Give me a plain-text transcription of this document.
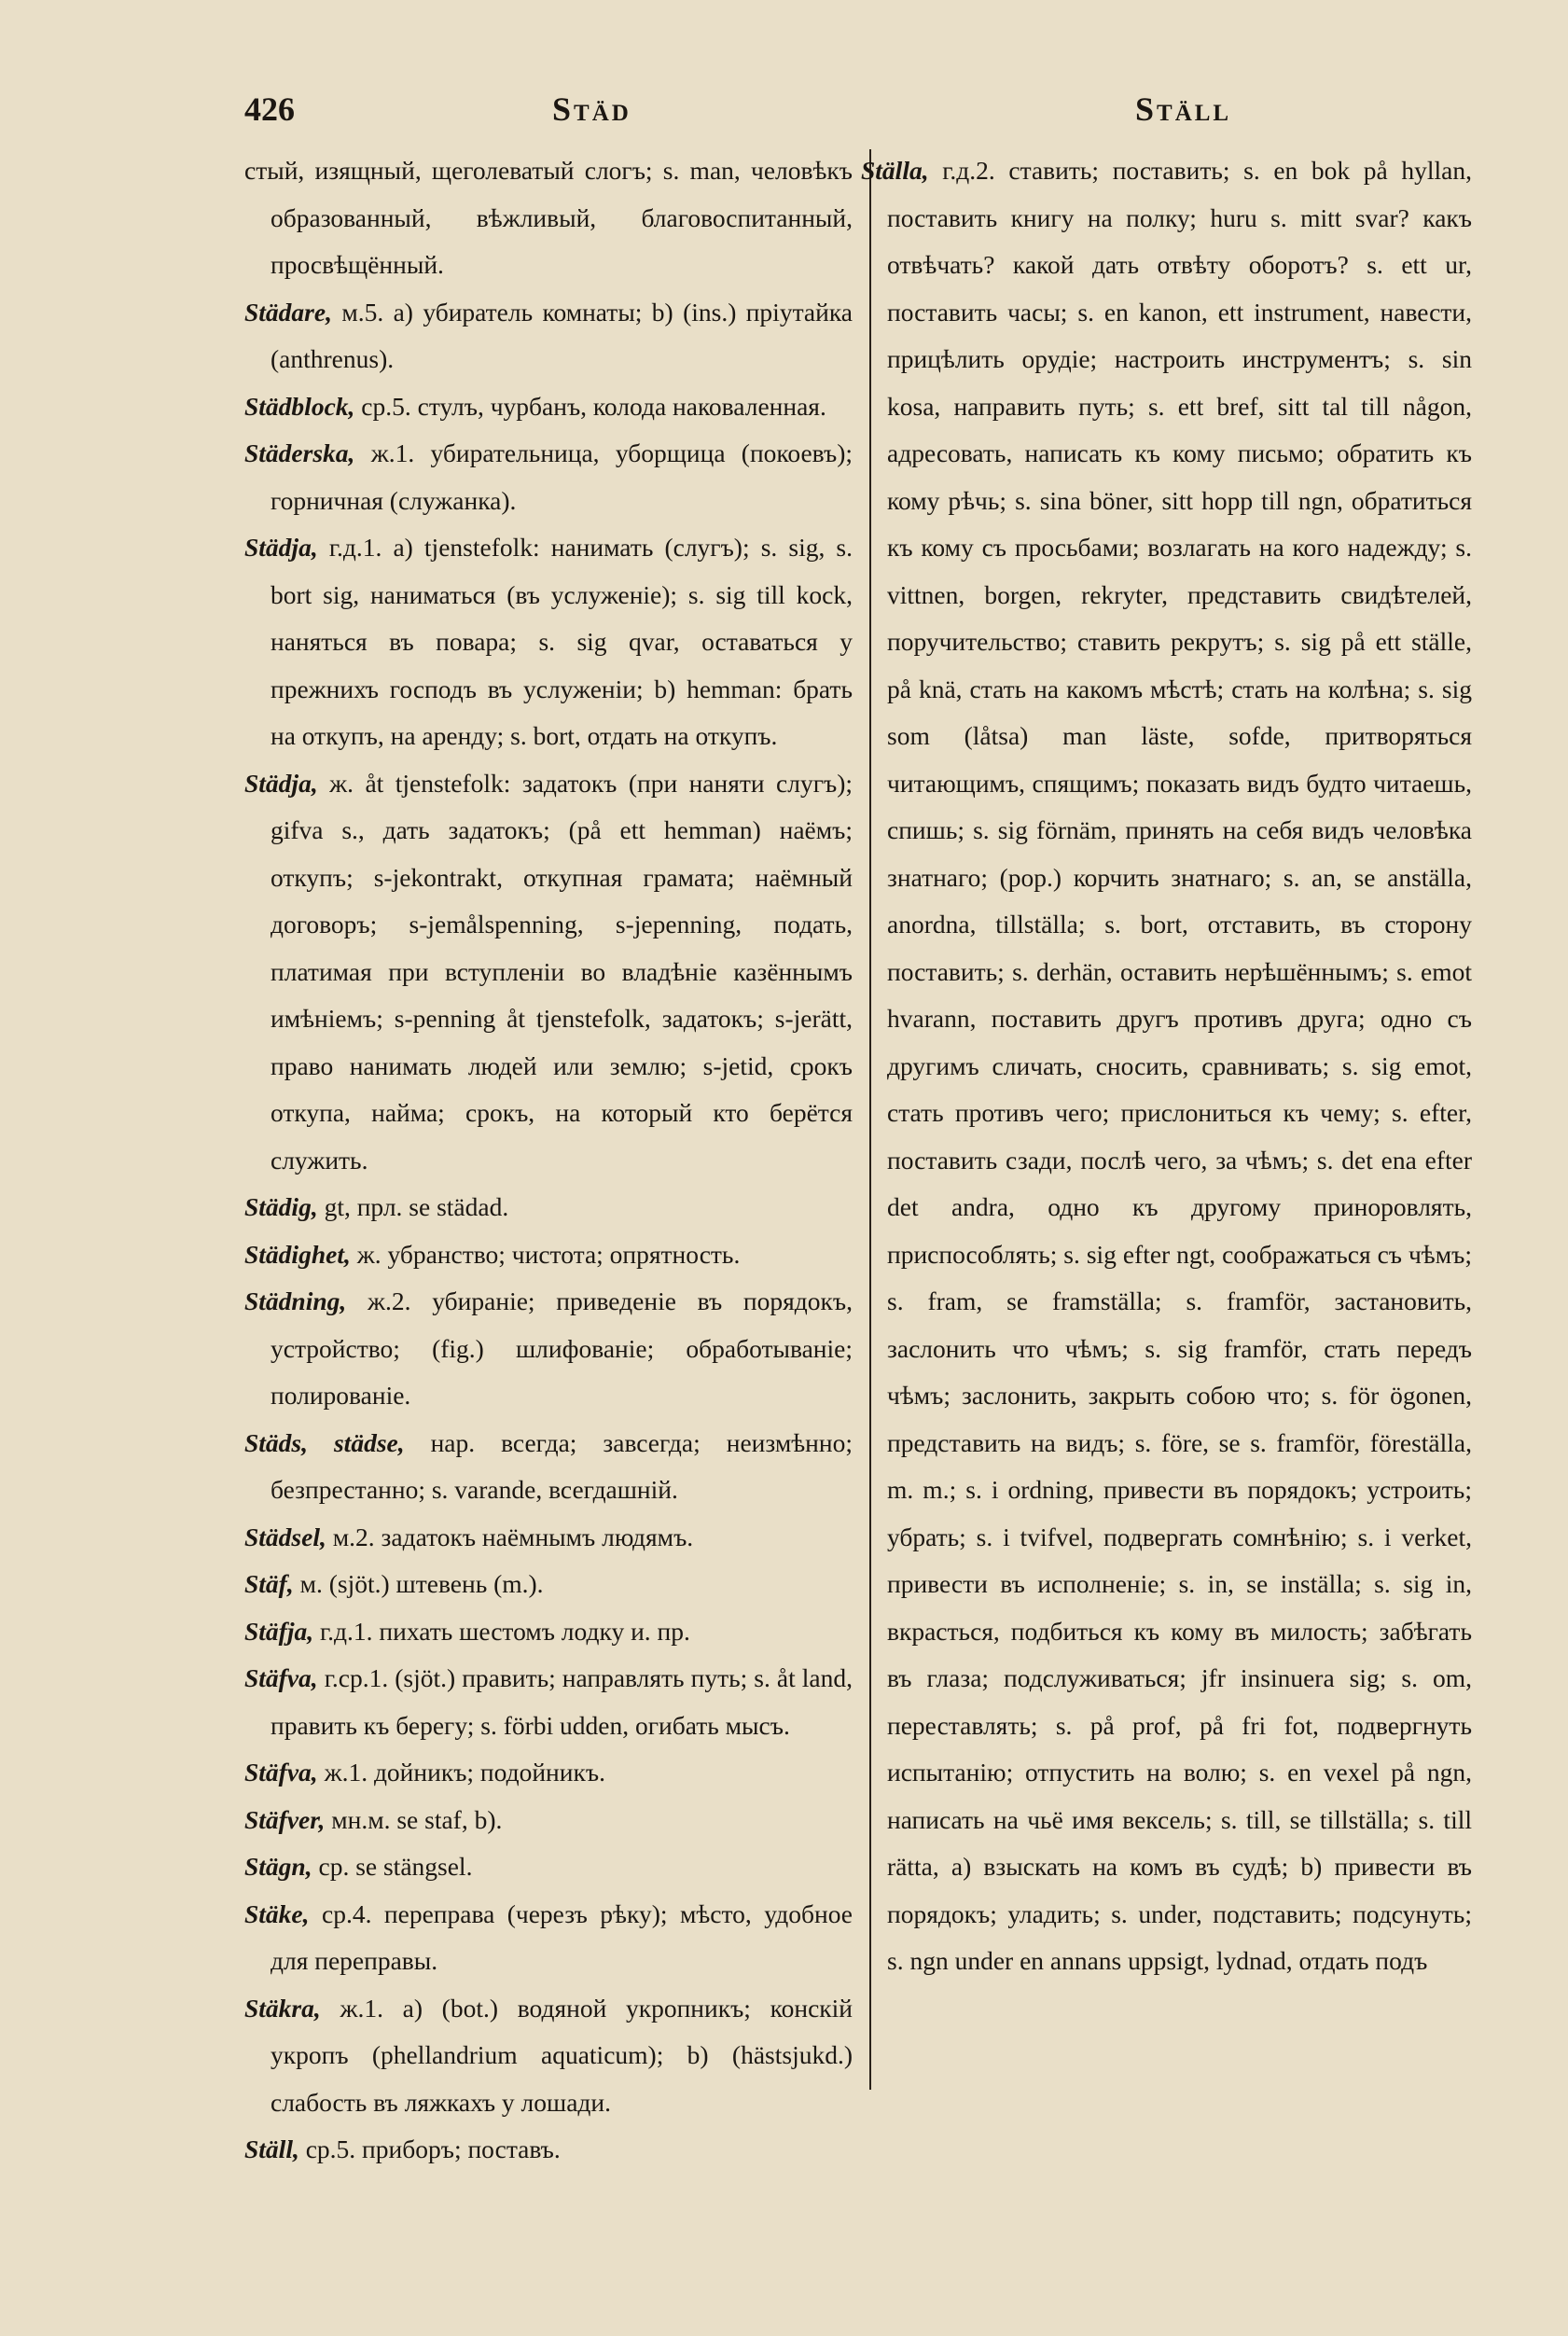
426	Städ	Ställ

стый, изящный, щеголеватый слогъ; s. man, человѣкъ образованный, вѣжливый, благовоспитанный, просвѣщённый.

Städare, м.5. a) убиратель комнаты; b) (ins.) пріутайка (anthrenus).

Städblock, ср.5. стулъ, чурбанъ, колода наковаленная.

Städerska, ж.1. убирательница, уборщица (покоевъ); горничная (служанка).

Städja, г.д.1. a) tjenstefolk: нанимать (слугъ); s. sig, s. bort sig, наниматься (въ услуженіе); s. sig till kock, наняться въ повара; s. sig qvar, оставаться у прежнихъ господъ въ услуженіи; b) hemman: брать на откупъ, на аренду; s. bort, отдать на откупъ.

Städja, ж. åt tjenstefolk: задатокъ (при наняти слугъ); gifva s., дать задатокъ; (på ett hemman) наёмъ; откупъ; s-jekontrakt, откупная грамата; наёмный договоръ; s-jemålspenning, s-jepenning, подать, платимая при вступленіи во владѣніе казённымъ имѣніемъ; s-penning åt tjenstefolk, задатокъ; s-jerätt, право нанимать людей или землю; s-jetid, срокъ откупа, найма; срокъ, на который кто берётся служить.

Städig, gt, прл. se städad.

Städighet, ж. убранство; чистота; опрятность.

Städning, ж.2. убираніе; приведеніе въ порядокъ, устройство; (fig.) шлифованіе; обработываніе; полированіе.

Städs, städse, нар. всегда; завсегда; неизмѣнно; безпрестанно; s. varande, всегдашній.

Städsel, м.2. задатокъ наёмнымъ людямъ.

Stäf, м. (sjöt.) штевень (m.).

Stäfja, г.д.1. пихать шестомъ лодку и. пр.

Stäfva, г.ср.1. (sjöt.) править; направлять путь; s. åt land, править къ берегу; s. förbi udden, огибать мысъ.

Stäfva, ж.1. дойникъ; подойникъ.

Stäfver, мн.м. se staf, b).

Stägn, ср. se stängsel.

Stäke, ср.4. переправа (черезъ рѣку); мѣсто, удобное для переправы.

Stäkra, ж.1. a) (bot.) водяной укропникъ; конскій укропъ (phellandrium aquaticum); b) (hästsjukd.) слабость въ ляжкахъ у лошади.

Ställ, ср.5. приборъ; поставъ.

Ställa, г.д.2. ставить; поставить; s. en bok på hyllan, поставить книгу на полку; huru s. mitt svar? какъ отвѣчать? какой дать отвѣту оборотъ? s. ett ur, поставить часы; s. en kanon, ett instrument, навести, прицѣлить орудіе; настроить инструментъ; s. sin kosa, направить путь; s. ett bref, sitt tal till någon, адресовать, написать къ кому письмо; обратить къ кому рѣчь; s. sina böner, sitt hopp till ngn, обратиться къ кому съ просьбами; возлагать на кого надежду; s. vittnen, borgen, rekryter, представить свидѣтелей, поручительство; ставить рекрутъ; s. sig på ett ställe, på knä, стать на какомъ мѣстѣ; стать на колѣна; s. sig som (låtsa) man läste, sofde, притворяться читающимъ, спящимъ; показать видъ будто читаешь, спишь; s. sig förnäm, принять на себя видъ человѣка знатнаго; (pop.) корчить знатнаго; s. an, se anställa, anordna, tillställa; s. bort, отставить, въ сторону поставить; s. derhän, оставить нерѣшённымъ; s. emot hvarann, поставить другъ противъ друга; одно съ другимъ сличать, сносить, сравнивать; s. sig emot, стать противъ чего; прислониться къ чему; s. efter, поставить сзади, послѣ чего, за чѣмъ; s. det ena efter det andra, одно къ другому приноровлять, приспособлять; s. sig efter ngt, соображаться съ чѣмъ; s. fram, se framställa; s. framför, застановить, заслонить что чѣмъ; s. sig framför, стать передъ чѣмъ; заслонить, закрыть собою что; s. för ögonen, представить на видъ; s. före, se s. framför, föreställa, m. m.; s. i ordning, привести въ порядокъ; устроить; убрать; s. i tvifvel, подвергать сомнѣнію; s. i verket, привести въ исполненіе; s. in, se inställa; s. sig in, вкрасться, подбиться къ кому въ милость; забѣгать въ глаза; подслуживаться; jfr insinuera sig; s. om, переставлять; s. på prof, på fri fot, подвергнуть испытанію; отпустить на волю; s. en vexel på ngn, написать на чьё имя вексель; s. till, se tillställa; s. till rätta, a) взыскать на комъ въ судѣ; b) привести въ порядокъ; уладить; s. under, подставить; подсунуть; s. ngn under en annans uppsigt, lydnad, отдать подъ
